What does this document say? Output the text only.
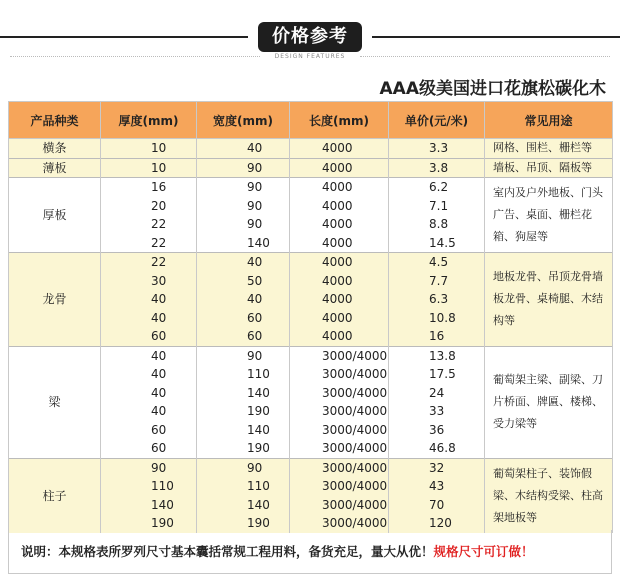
价格参考
DESIGN FEATURES
AAA级美国进口花旗松碳化木
产品种类	厚度(mm)	宽度(mm)	长度(mm)	单价(元/米)	常见用途
横条	10	40	4000	3.3	网格、围栏、栅栏等
薄板	10	90	4000	3.8	墙板、吊顶、隔板等
厚板	16	90	4000	6.2	室内及户外地板、门头广告、桌面、栅栏花箱、狗屋等
	20	90	4000	7.1	
	22	90	4000	8.8	
	22	140	4000	14.5	
龙骨	22	40	4000	4.5	地板龙骨、吊顶龙骨墙板龙骨、桌椅腿、木结构等
	30	50	4000	7.7	
	40	40	4000	6.3	
	40	60	4000	10.8	
	60	60	4000	16	
梁	40	90	3000/4000	13.8	葡萄架主梁、副梁、刀片桥面、牌匾、楼梯、受力梁等
	40	110	3000/4000	17.5	
	40	140	3000/4000	24	
	40	190	3000/4000	33	
	60	140	3000/4000	36	
	60	190	3000/4000	46.8	
柱子	90	90	3000/4000	32	葡萄架柱子、装饰假梁、木结构受梁、柱高架地板等
	110	110	3000/4000	43	
	140	140	3000/4000	70	
	190	190	3000/4000	120	
说明：本规格表所罗列尺寸基本囊括常规工程用料，备货充足，量大从优！规格尺寸可订做！
